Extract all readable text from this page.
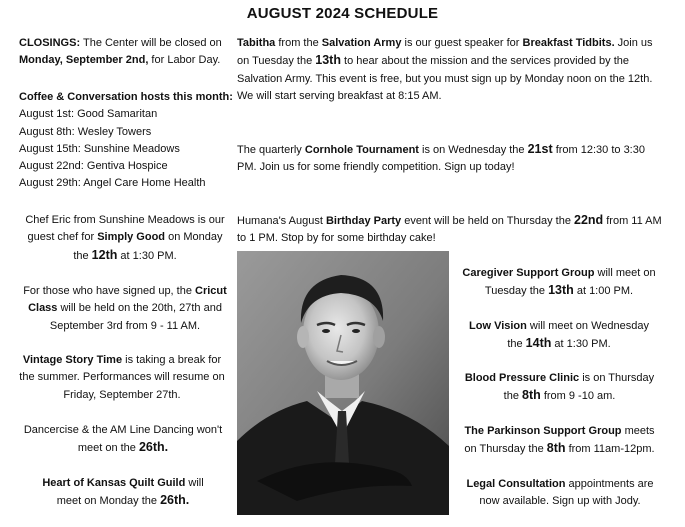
AUGUST 2024 SCHEDULE
CLOSINGS: The Center will be closed on Monday, September 2nd, for Labor Day.
Coffee & Conversation hosts this month:
August 1st: Good Samaritan
August 8th: Wesley Towers
August 15th: Sunshine Meadows
August 22nd: Gentiva Hospice
August 29th: Angel Care Home Health
Chef Eric from Sunshine Meadows is our guest chef for Simply Good on Monday the 12th at 1:30 PM.
For those who have signed up, the Cricut Class will be held on the 20th, 27th and September 3rd from 9 - 11 AM.
Vintage Story Time is taking a break for the summer. Performances will resume on Friday, September 27th.
Dancercise & the AM Line Dancing won't meet on the 26th.
Heart of Kansas Quilt Guild will meet on Monday the 26th.
Tabitha from the Salvation Army is our guest speaker for Breakfast Tidbits. Join us on Tuesday the 13th to hear about the mission and the services provided by the Salvation Army. This event is free, but you must sign up by Monday noon on the 12th. We will start serving breakfast at 8:15 AM.
The quarterly Cornhole Tournament is on Wednesday the 21st from 12:30 to 3:30 PM. Join us for some friendly competition. Sign up today!
Humana's August Birthday Party event will be held on Thursday the 22nd from 11 AM to 1 PM. Stop by for some birthday cake!
Caregiver Support Group will meet on Tuesday the 13th at 1:00 PM.
Low Vision will meet on Wednesday the 14th at 1:30 PM.
Blood Pressure Clinic is on Thursday the 8th from 9 -10 am.
The Parkinson Support Group meets on Thursday the 8th from 11am-12pm.
Legal Consultation appointments are now available. Sign up with Jody.
